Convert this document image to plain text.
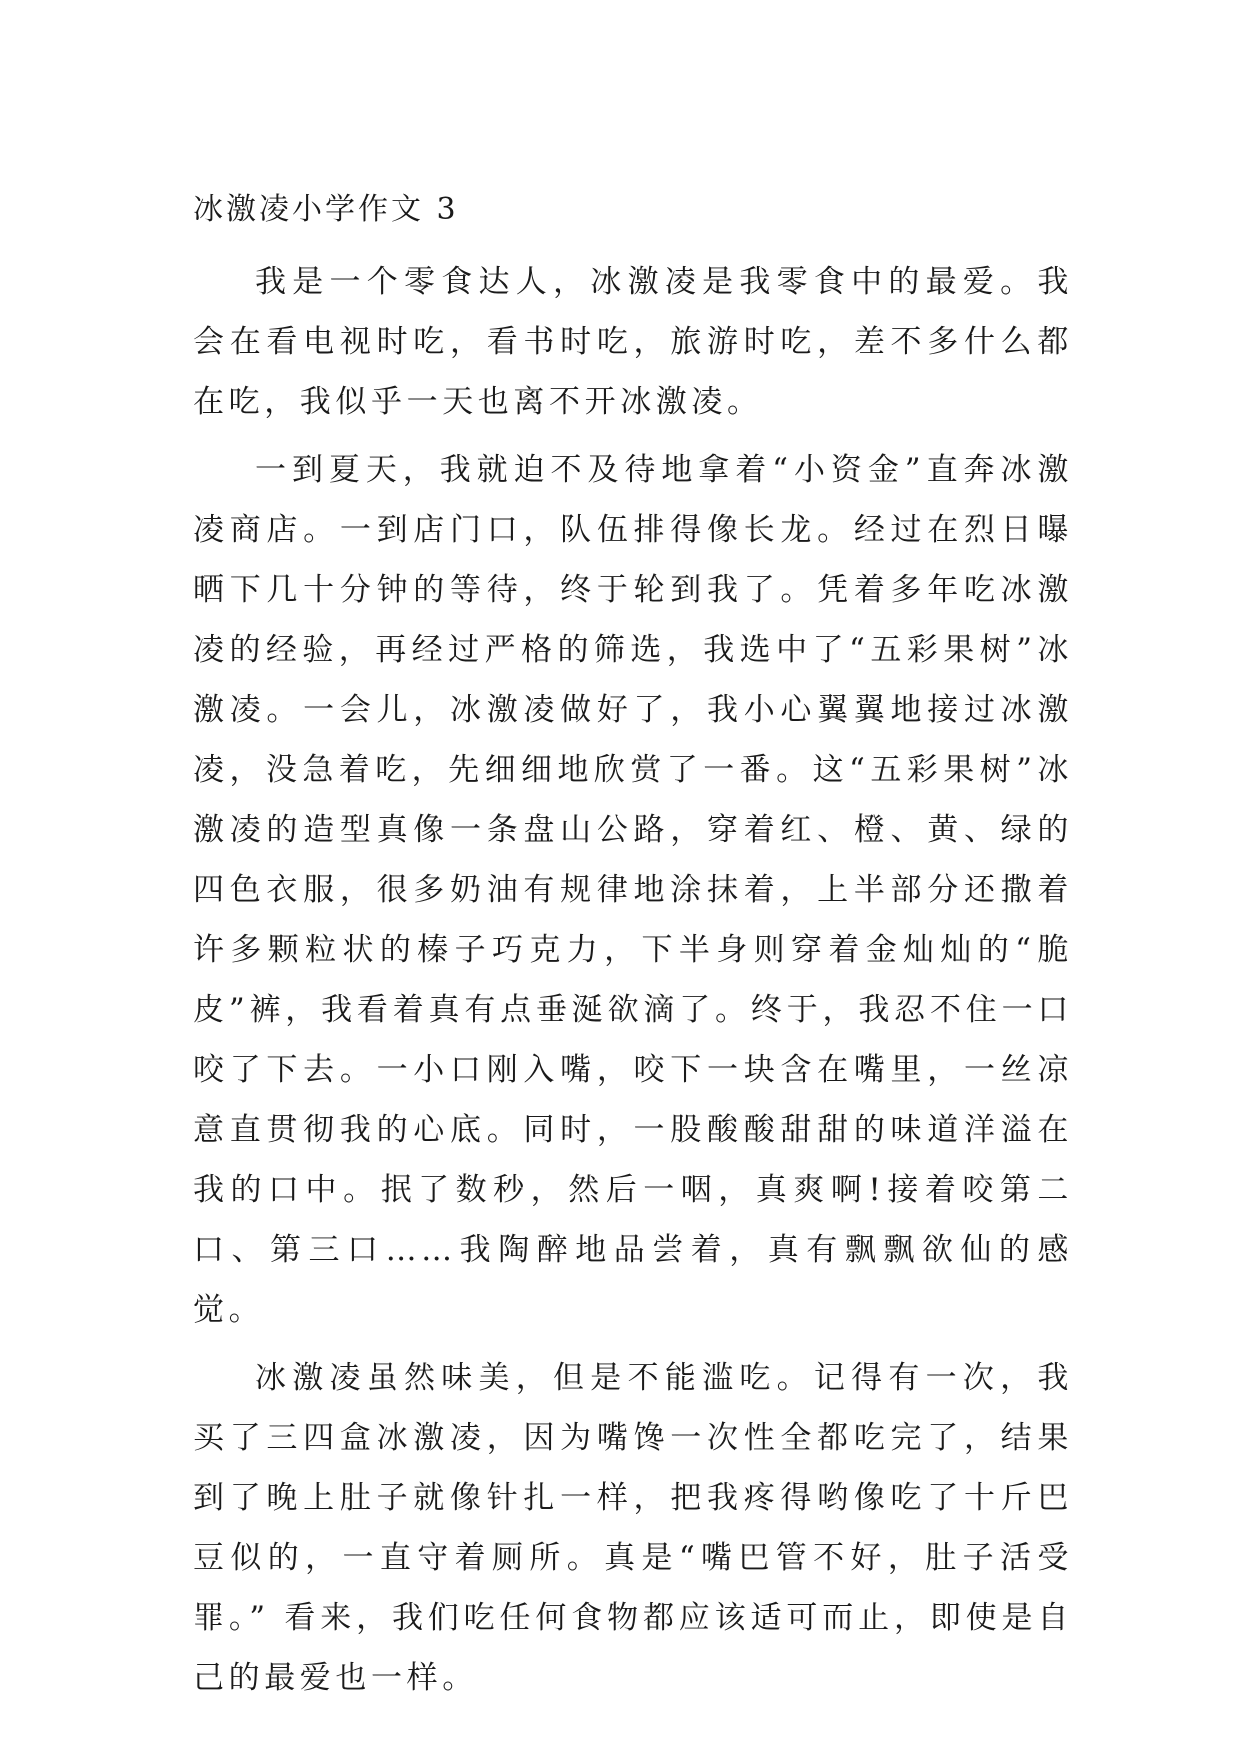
冰激凌小学作文 3

我是一个零食达人，冰激凌是我零食中的最爱。我会在看电视时吃，看书时吃，旅游时吃，差不多什么都在吃，我似乎一天也离不开冰激凌。

一到夏天，我就迫不及待地拿着“小资金”直奔冰激凌商店。一到店门口，队伍排得像长龙。经过在烈日曝晒下几十分钟的等待，终于轮到我了。凭着多年吃冰激凌的经验，再经过严格的筛选，我选中了“五彩果树”冰激凌。一会儿，冰激凌做好了，我小心翼翼地接过冰激凌，没急着吃，先细细地欣赏了一番。这“五彩果树”冰激凌的造型真像一条盘山公路，穿着红、橙、黄、绿的四色衣服，很多奶油有规律地涂抹着，上半部分还撒着许多颗粒状的榛子巧克力，下半身则穿着金灿灿的“脆皮”裤，我看着真有点垂涎欲滴了。终于，我忍不住一口咬了下去。一小口刚入嘴，咬下一块含在嘴里，一丝凉意直贯彻我的心底。同时，一股酸酸甜甜的味道洋溢在我的口中。抿了数秒，然后一咽，真爽啊!接着咬第二口、第三口……我陶醉地品尝着，真有飘飘欲仙的感觉。

冰激凌虽然味美，但是不能滥吃。记得有一次，我买了三四盒冰激凌，因为嘴馋一次性全都吃完了，结果到了晚上肚子就像针扎一样，把我疼得哟像吃了十斤巴豆似的，一直守着厕所。真是“嘴巴管不好，肚子活受罪。” 看来，我们吃任何食物都应该适可而止，即使是自己的最爱也一样。
